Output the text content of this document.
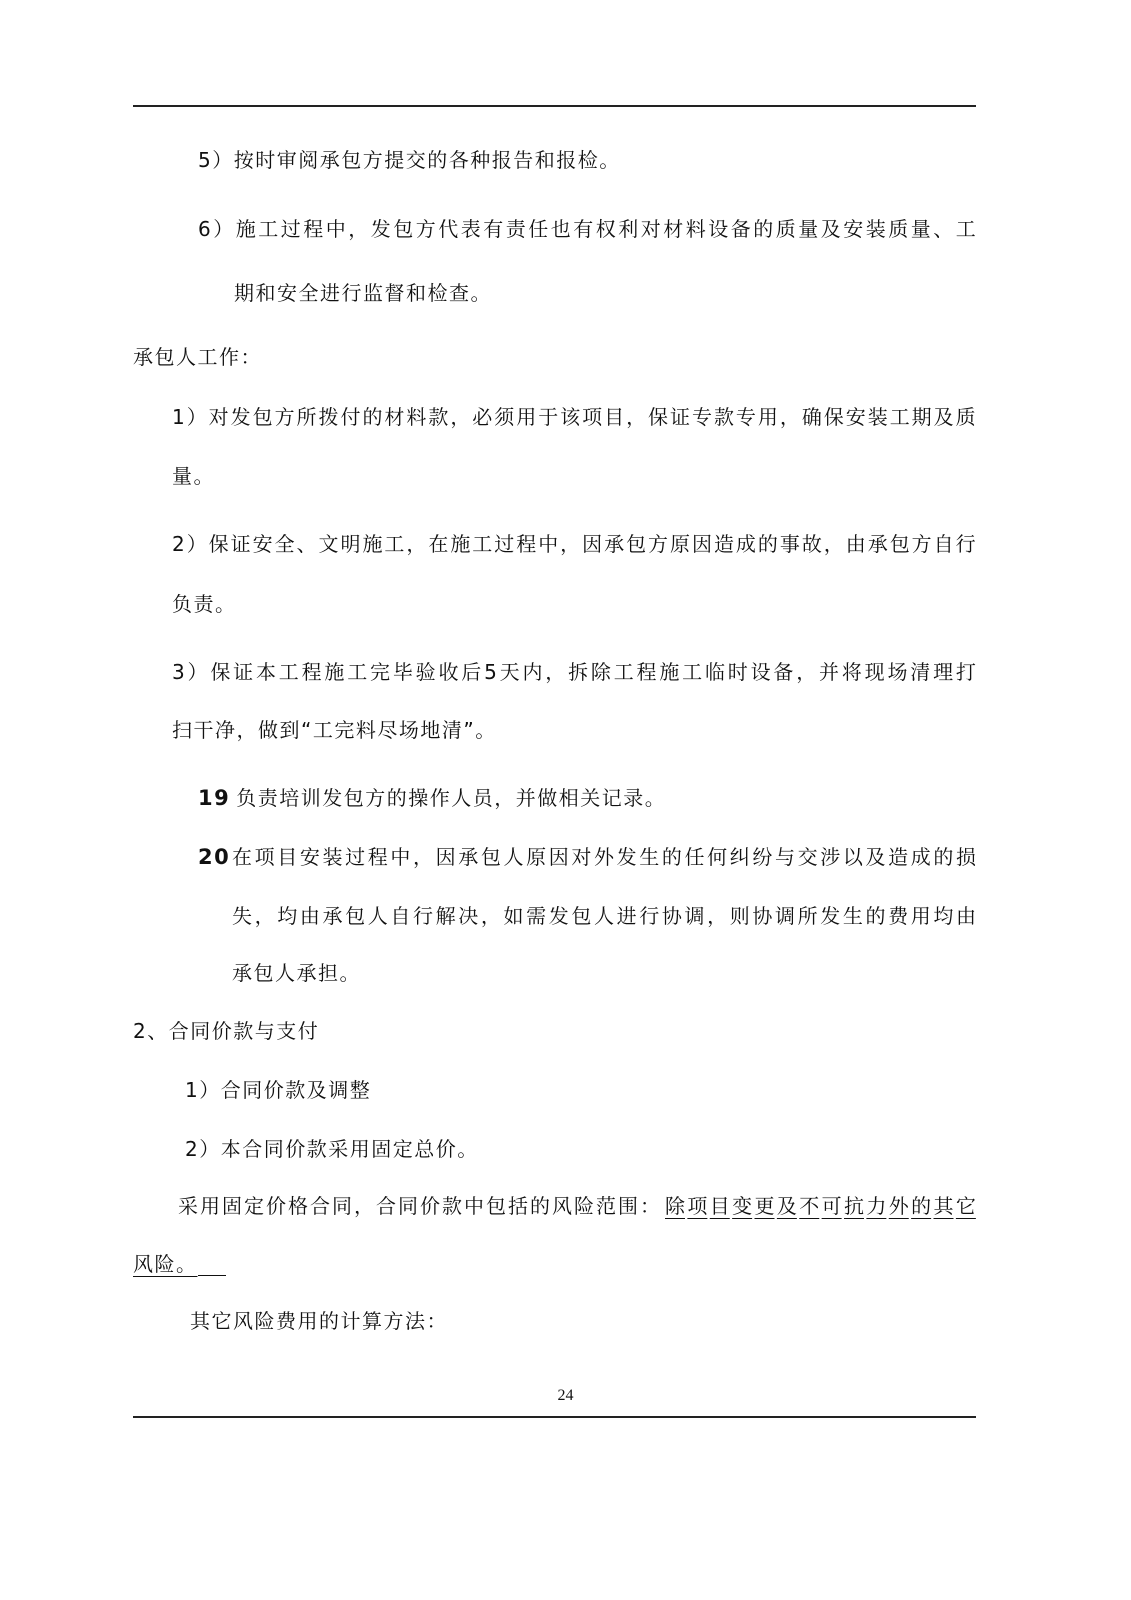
5）按时审阅承包方提交的各种报告和报检。
6 ） 施 工 过 程 中 ， 发 包 方 代 表 有 责 任 也 有 权 利 对 材 料 设 备 的 质 量 及 安 装 质 量 、 工
期和安全进行监督和检查。
承包人工作：
1 ） 对 发 包 方 所 拨 付 的 材 料 款 ， 必 须 用 于 该 项 目 ， 保 证 专 款 专 用 ， 确 保 安 装 工 期 及 质
量。
2 ） 保 证 安 全 、 文 明 施 工 ， 在 施 工 过 程 中 ， 因 承 包 方 原 因 造 成 的 事 故 ， 由 承 包 方 自 行
负责。
3 ） 保 证 本 工 程 施 工 完 毕 验 收 后 5 天 内 ， 拆 除 工 程 施 工 临 时 设 备 ， 并 将 现 场 清 理 打
扫干净，做到“工完料尽场地清”。
19 负责培训发包方的操作人员，并做相关记录。
20 在 项 目 安 装 过 程 中 ， 因 承 包 人 原 因 对 外 发 生 的 任 何 纠 纷 与 交 涉 以 及 造 成 的 损
失 ， 均 由 承 包 人 自 行 解 决 ， 如 需 发 包 人 进 行 协 调 ， 则 协 调 所 发 生 的 费 用 均 由
承包人承担。
2、合同价款与支付
1）合同价款及调整
2）本合同价款采用固定总价。
采 用 固 定 价 格 合 同 ， 合 同 价 款 中 包 括 的 风 险 范 围 ： 除 项 目 变 更 及 不 可 抗 力 外 的 其 它
风险。
其它风险费用的计算方法：
24
